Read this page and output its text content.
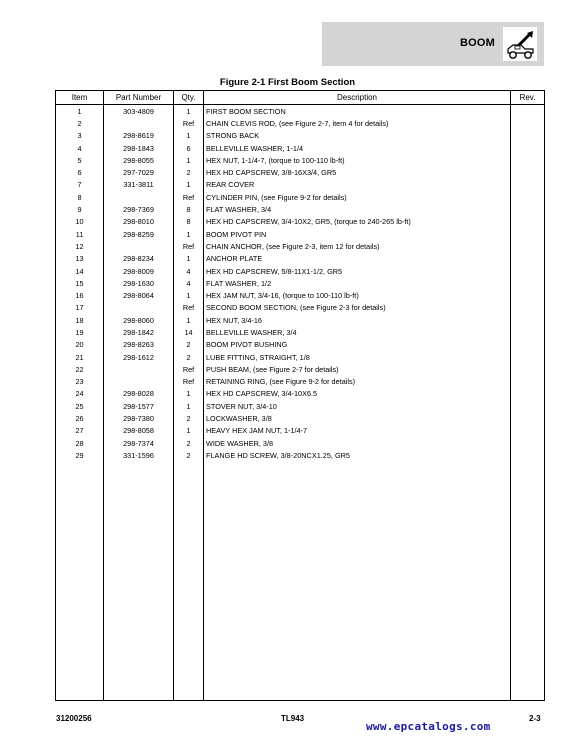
BOOM
Figure 2-1 First Boom Section
Item	Part Number	Qty.	Description	Rev.
1	303-4809	1	FIRST BOOM SECTION	
2		Ref	CHAIN CLEVIS ROD, (see Figure 2-7, item 4 for details)	
3	298-8619	1	STRONG BACK	
4	298-1843	6	BELLEVILLE WASHER, 1-1/4	
5	298-8055	1	HEX NUT, 1-1/4-7, (torque to 100-110 lb-ft)	
6	297-7029	2	HEX HD CAPSCREW, 3/8-16X3/4, GR5	
7	331-3811	1	REAR COVER	
8		Ref	CYLINDER PIN, (see Figure 9-2 for details)	
9	298-7369	8	FLAT WASHER, 3/4	
10	298-8010	8	HEX HD CAPSCREW, 3/4-10X2, GR5, (torque to 240-265 lb-ft)	
11	298-8259	1	BOOM PIVOT PIN	
12		Ref	CHAIN ANCHOR, (see Figure 2-3, item 12 for details)	
13	298-8234	1	ANCHOR PLATE	
14	298-8009	4	HEX HD CAPSCREW, 5/8-11X1-1/2, GR5	
15	298-1630	4	FLAT WASHER, 1/2	
16	298-8064	1	HEX JAM NUT, 3/4-16, (torque to 100-110 lb-ft)	
17		Ref	SECOND BOOM SECTION, (see Figure 2-3 for details)	
18	298-8060	1	HEX NUT, 3/4-16	
19	298-1842	14	BELLEVILLE WASHER, 3/4	
20	298-8263	2	BOOM PIVOT BUSHING	
21	298-1612	2	LUBE FITTING, STRAIGHT, 1/8	
22		Ref	PUSH BEAM, (see Figure 2-7 for details)	
23		Ref	RETAINING RING, (see Figure 9-2 for details)	
24	298-8028	1	HEX HD CAPSCREW, 3/4-10X6.5	
25	298-1577	1	STOVER NUT, 3/4-10	
26	298-7380	2	LOCKWASHER, 3/8	
27	298-8058	1	HEAVY HEX JAM NUT, 1-1/4-7	
28	298-7374	2	WIDE WASHER, 3/8	
29	331-1596	2	FLANGE HD SCREW, 3/8-20NCX1.25, GR5	

31200256	TL943	2-3
www.epcatalogs.com
